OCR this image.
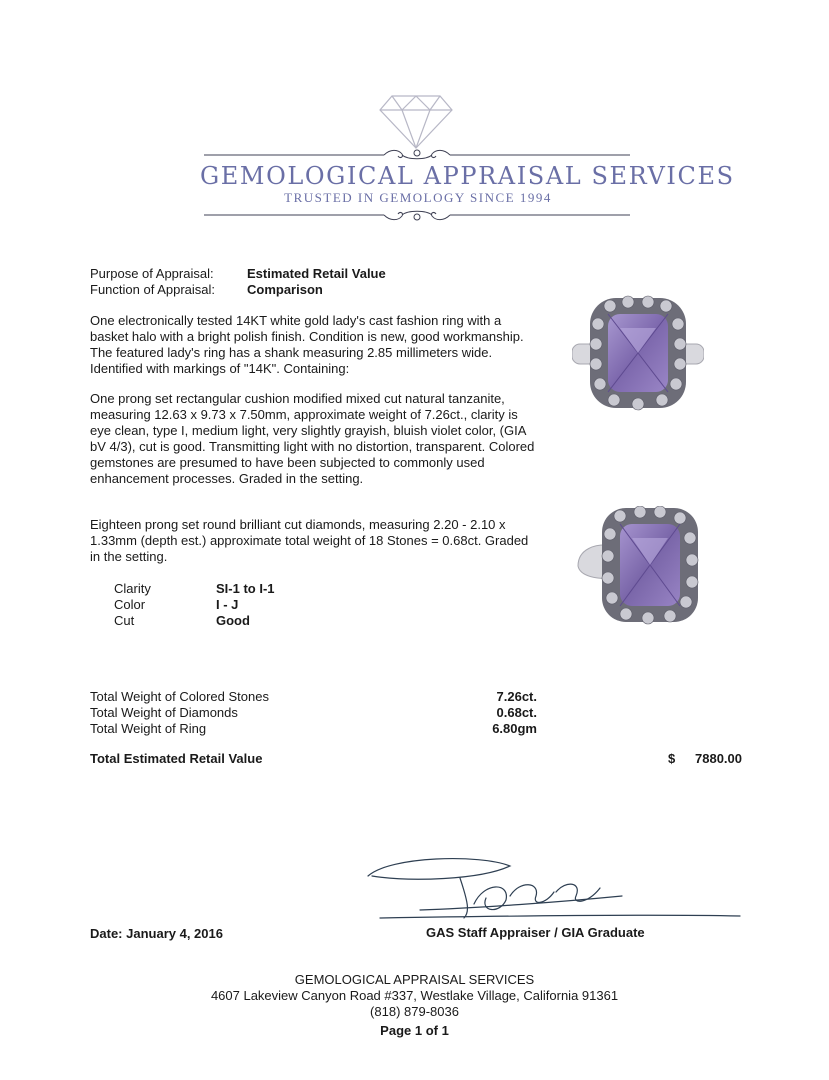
GEMOLOGICAL APPRAISAL SERVICES
TRUSTED IN GEMOLOGY SINCE 1994
Purpose of Appraisal:	Estimated Retail Value
Function of Appraisal: Comparison
One electronically tested 14KT white gold lady's cast fashion ring with a basket halo with a bright polish finish. Condition is new, good workmanship. The featured lady's ring has a shank measuring 2.85 millimeters wide. Identified with markings of "14K". Containing:
One prong set rectangular cushion modified mixed cut natural tanzanite, measuring 12.63 x 9.73 x 7.50mm, approximate weight of 7.26ct., clarity is eye clean, type I, medium light, very slightly grayish, bluish violet color, (GIA bV 4/3), cut is good. Transmitting light with no distortion, transparent. Colored gemstones are presumed to have been subjected to commonly used enhancement processes. Graded in the setting.
Eighteen prong set round brilliant cut diamonds, measuring 2.20 - 2.10 x 1.33mm (depth est.) approximate total weight of 18 Stones = 0.68ct. Graded in the setting.
Clarity	SI-1 to I-1
Color	I - J
Cut	Good
Total Weight of Colored Stones	7.26ct.
Total Weight of Diamonds	0.68ct.
Total Weight of Ring	6.80gm
Total Estimated Retail Value	$ 7880.00
Date: January 4, 2016	GAS Staff Appraiser / GIA Graduate
GEMOLOGICAL APPRAISAL SERVICES
4607 Lakeview Canyon Road #337, Westlake Village, California 91361
(818) 879-8036
Page 1 of 1
